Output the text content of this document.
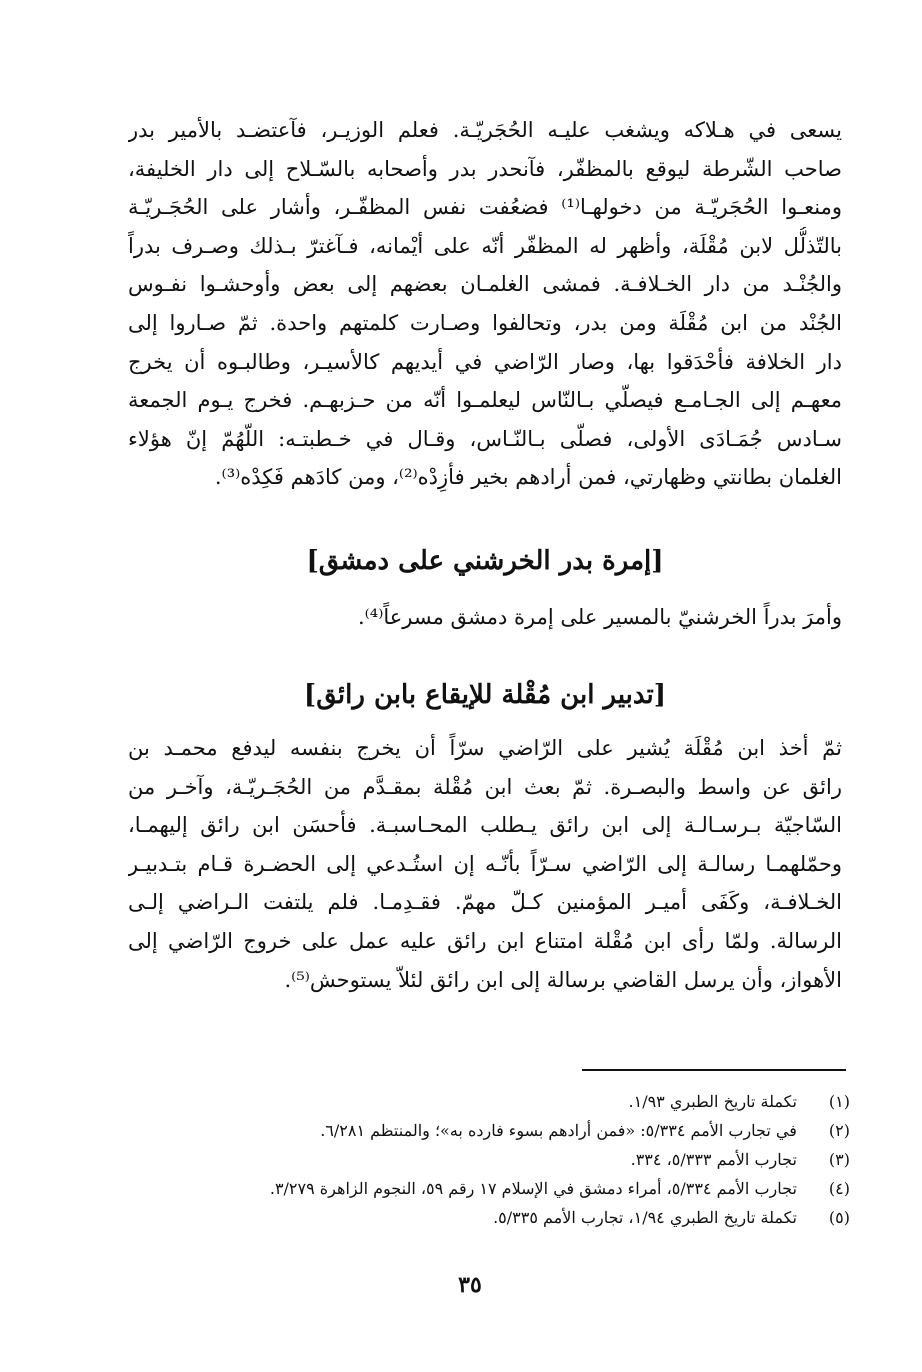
يسعى في هـلاكه ويشغب عليـه الحُجَريّـة. فعلم الوزيـر، فآعتضـد بالأمير بدر
صاحب الشّرطة ليوقع بالمظفّر، فآنحدر بدر وأصحابه بالسّـلاح إلى دار الخليفة،
ومنعـوا الحُجَريّـة من دخولهـا⁽¹⁾ فضعُفت نفس المظفّـر، وأشار على الحُجَـريّـة
بالتّذلُّل لابن مُقْلَة، وأظهر له المظفّر أنّه على أيْمانه، فـآغترّ بـذلك وصـرف بدراً
والجُنْـد من دار الخـلافـة. فمشى الغلمـان بعضهم إلى بعض وأوحشـوا نفـوس
الجُنْد من ابن مُقْلَة ومن بدر، وتحالفوا وصـارت كلمتهم واحدة. ثمّ صـاروا إلى
دار الخلافة فأحْدَقوا بها، وصار الرّاضي في أيديهم كالأسيـر، وطالبـوه أن يخرج
معهـم إلى الجـامـع فيصلّي بـالنّاس ليعلمـوا أنّه من حـزبهـم. فخرج يـوم الجمعة
سـادس جُمَـادَى الأولى، فصلّى بـالنّـاس، وقـال في خـطبتـه: اللّهُمّ إنّ هؤلاء
الغلمان بطانتي وظهارتي، فمن أرادهم بخير فأزِدْه⁽²⁾، ومن كادَهم فَكِدْه⁽³⁾.
[إمرة بدر الخرشني على دمشق]
وأمرَ بدراً الخرشنيّ بالمسير على إمرة دمشق مسرعاً⁽⁴⁾.
[تدبير ابن مُقْلة للإيقاع بابن رائق]
ثمّ أخذ ابن مُقْلَة يُشير على الرّاضي سرّاً أن يخرج بنفسه ليدفع محمـد بن
رائق عن واسط والبصـرة. ثمّ بعث ابن مُقْلة بمقـدَّم من الحُجَـريّـة، وآخـر من
السّاجيّة بـرسـالـة إلى ابن رائق يـطلب المحـاسبـة. فأحسَن ابن رائق إليهمـا،
وحمّلهمـا رسالـة إلى الرّاضي سـرّاً بأنّـه إن استُـدعي إلى الحضـرة قـام بتـدبيـر
الخـلافـة، وكَفَى أميـر المؤمنين كـلّ مهمّ. فقـدِمـا. فلم يلتفت الـراضي إلـى
الرسالة. ولمّا رأى ابن مُقْلة امتناع ابن رائق عليه عمل على خروج الرّاضي إلى
الأهواز، وأن يرسل القاضي برسالة إلى ابن رائق لئلاّ يستوحش⁽⁵⁾.
(١) تكملة تاريخ الطبري ١/٩٣.
(٢) في تجارب الأمم ٥/٣٣٤: «فمن أرادهم بسوء فارده به»؛ والمنتظم ٦/٢٨١.
(٣) تجارب الأمم ٥/٣٣٣، ٣٣٤.
(٤) تجارب الأمم ٥/٣٣٤، أمراء دمشق في الإسلام ١٧ رقم ٥٩، النجوم الزاهرة ٣/٢٧٩.
(٥) تكملة تاريخ الطبري ١/٩٤، تجارب الأمم ٥/٣٣٥.
٣٥
